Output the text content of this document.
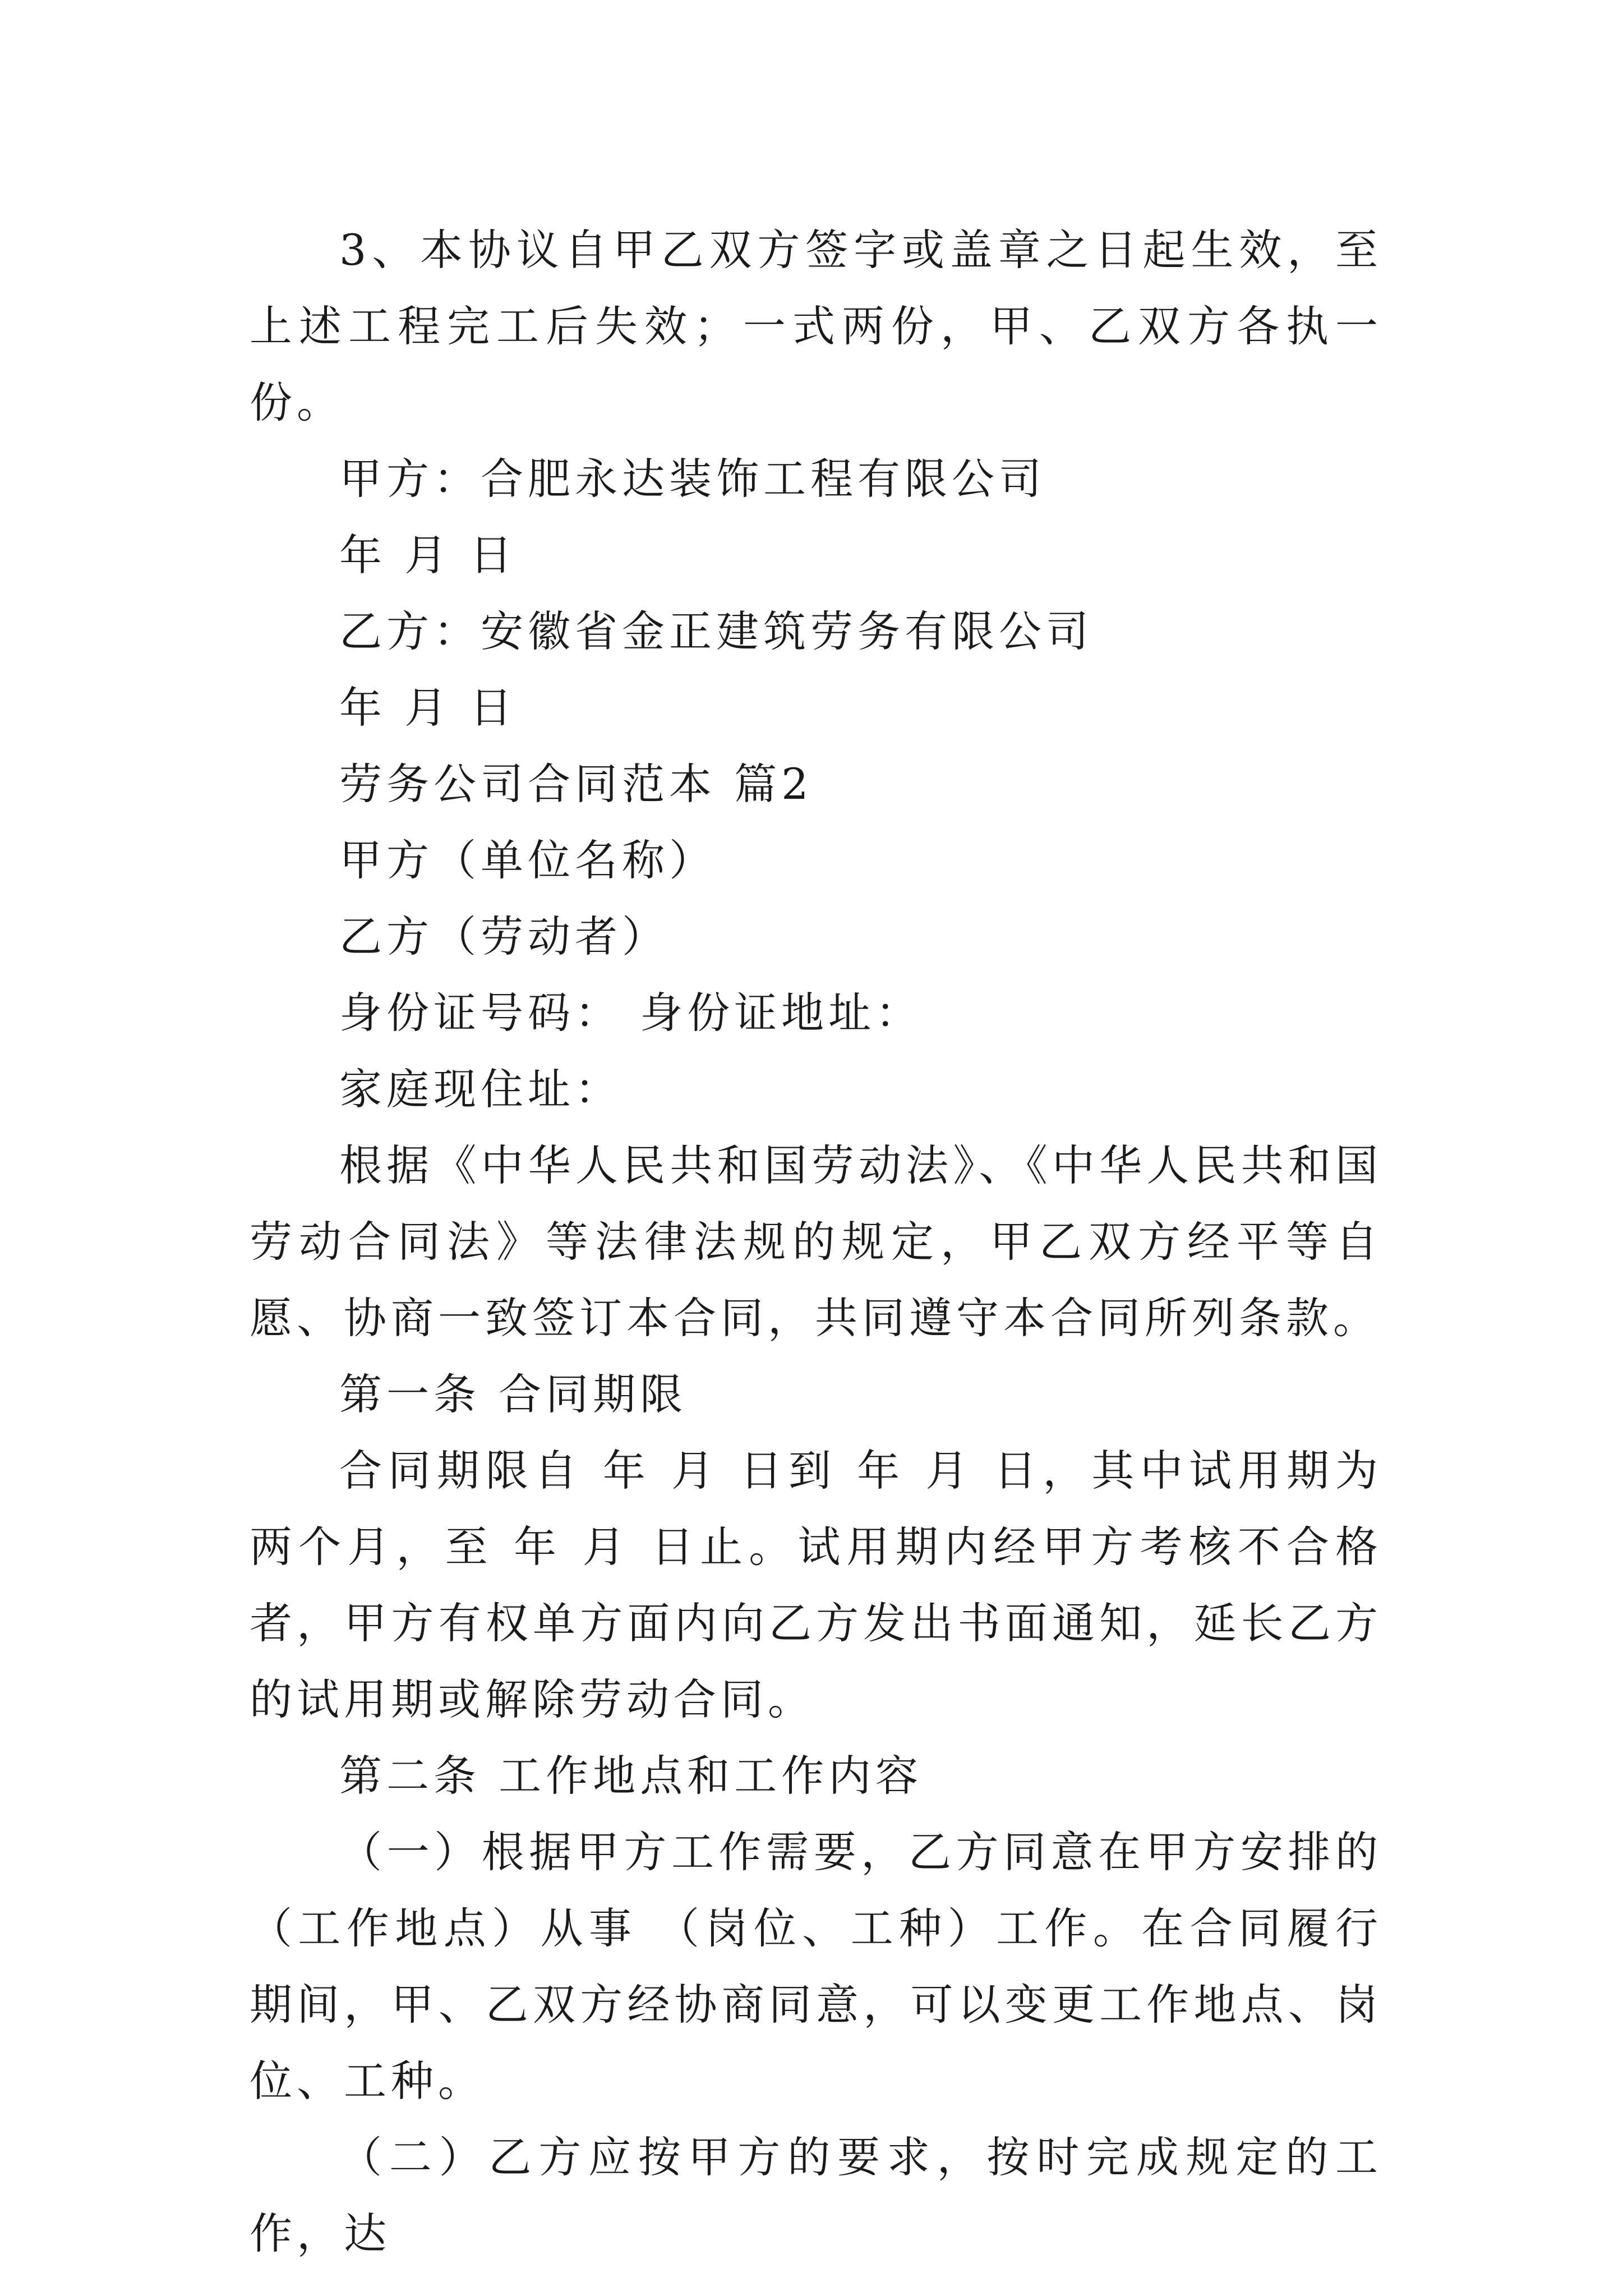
3、本协议自甲乙双方签字或盖章之日起生效，至上述工程完工后失效；一式两份，甲、乙双方各执一份。

甲方：合肥永达装饰工程有限公司

年 月 日

乙方：安徽省金正建筑劳务有限公司

年 月 日

劳务公司合同范本 篇2

甲方（单位名称）

乙方（劳动者）

身份证号码： 身份证地址：

家庭现住址：

根据《中华人民共和国劳动法》、《中华人民共和国劳动合同法》等法律法规的规定，甲乙双方经平等自愿、协商一致签订本合同，共同遵守本合同所列条款。

第一条 合同期限

合同期限自 年 月 日到 年 月 日，其中试用期为两个月，至 年 月 日止。试用期内经甲方考核不合格者，甲方有权单方面内向乙方发出书面通知，延长乙方的试用期或解除劳动合同。

第二条 工作地点和工作内容

（一）根据甲方工作需要，乙方同意在甲方安排的 （工作地点）从事 （岗位、工种）工作。在合同履行期间，甲、乙双方经协商同意，可以变更工作地点、岗位、工种。

（二）乙方应按甲方的要求，按时完成规定的工作，达
